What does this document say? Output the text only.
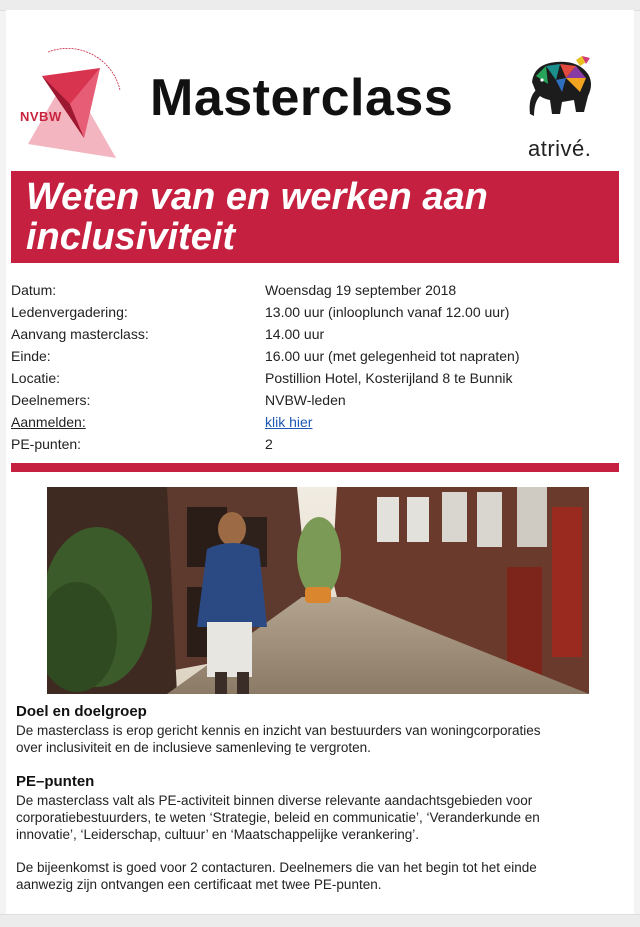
NVBW Masterclass
atrivé.
Weten van en werken aan inclusiviteit
Datum:	Woensdag 19 september 2018
Ledenvergadering:	13.00 uur (inlooplunch vanaf 12.00 uur)
Aanvang masterclass:	14.00 uur
Einde:	16.00 uur (met gelegenheid tot napraten)
Locatie:	Postillion Hotel, Kosterijland 8 te Bunnik
Deelnemers:	NVBW-leden
Aanmelden:	klik hier
PE-punten:	2
Doel en doelgroep
De masterclass is erop gericht kennis en inzicht van bestuurders van woningcorporaties
over inclusiviteit en de inclusieve samenleving te vergroten.
PE–punten
De masterclass valt als PE-activiteit binnen diverse relevante aandachtsgebieden voor
corporatiebestuurders, te weten ‘Strategie, beleid en communicatie’, ‘Veranderkunde en
innovatie’, ‘Leiderschap, cultuur’ en ‘Maatschappelijke verankering’.
De bijeenkomst is goed voor 2 contacturen. Deelnemers die van het begin tot het einde
aanwezig zijn ontvangen een certificaat met twee PE-punten.
